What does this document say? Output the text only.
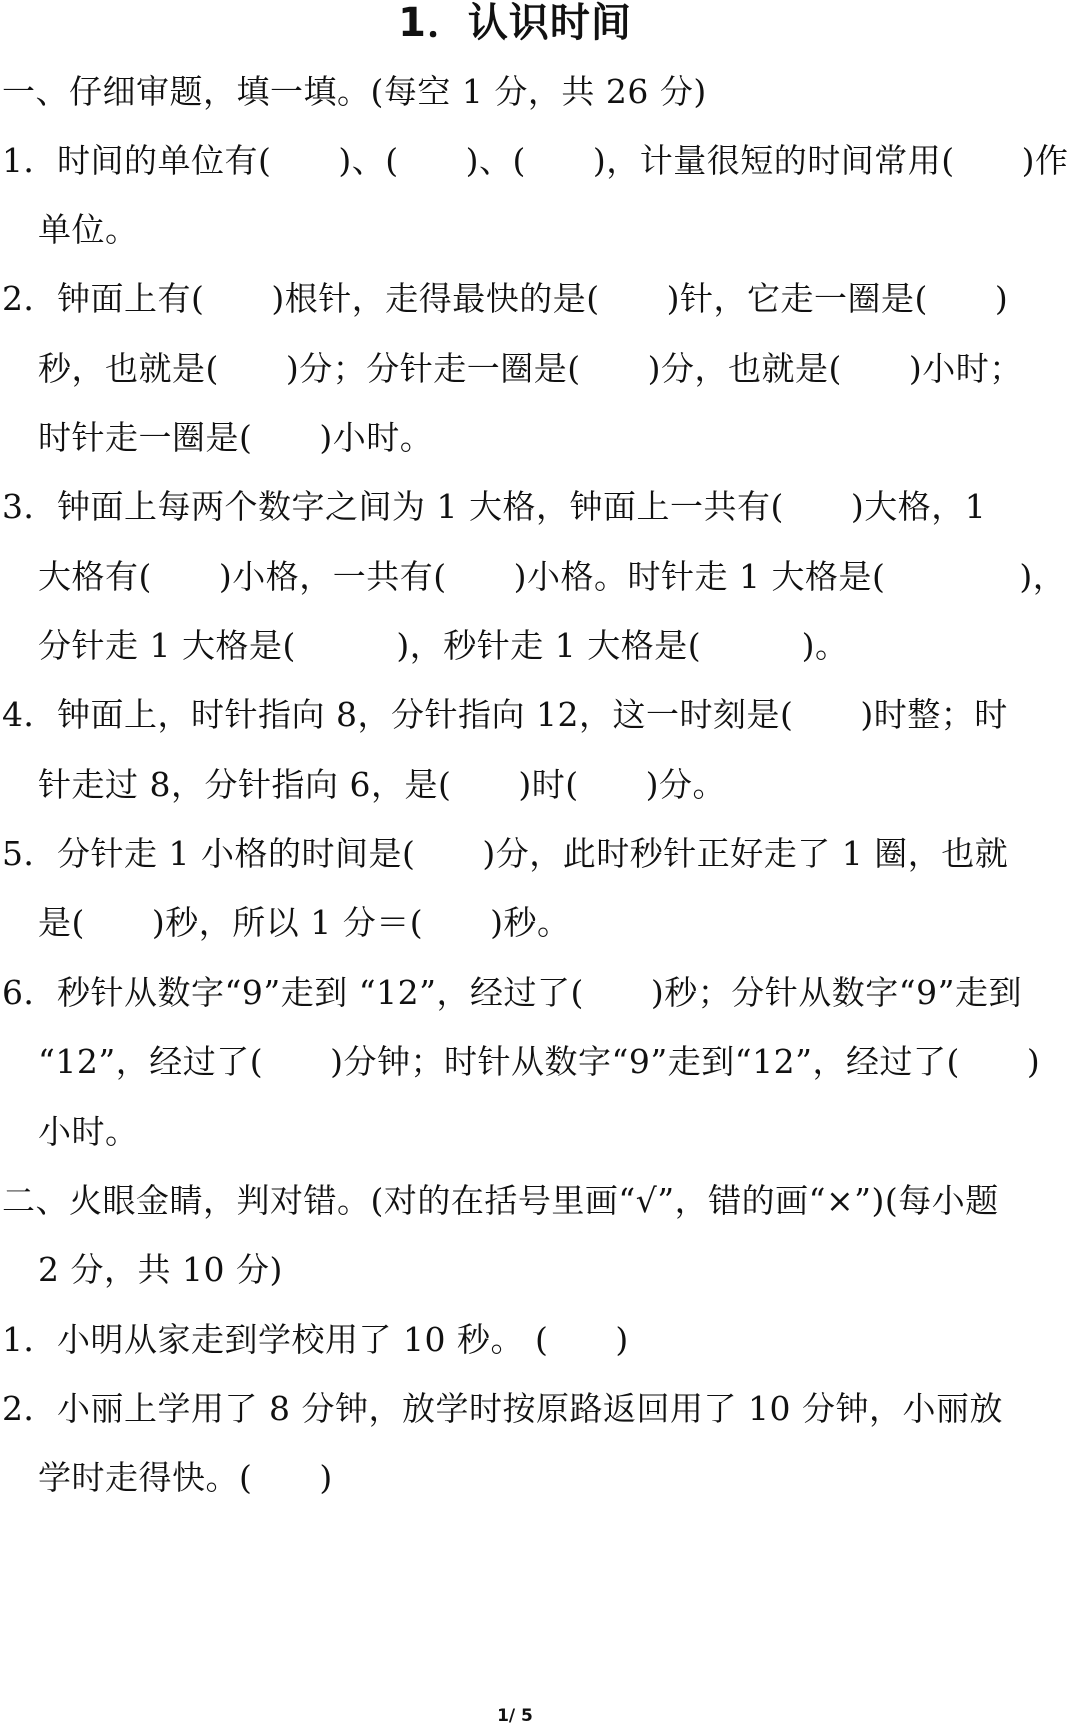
1．认识时间
一、仔细审题，填一填。(每空 1 分，共 26 分)
1．时间的单位有(　　)、(　　)、(　　)，计量很短的时间常用(　　)作
单位。
2．钟面上有(　　)根针，走得最快的是(　　)针，它走一圈是(　　)
秒，也就是(　　)分；分针走一圈是(　　)分，也就是(　　)小时；
时针走一圈是(　　)小时。
3．钟面上每两个数字之间为 1 大格，钟面上一共有(　　)大格，1
大格有(　　)小格，一共有(　　)小格。时针走 1 大格是(　　　　)，
分针走 1 大格是(　　　)，秒针走 1 大格是(　　　)。
4．钟面上，时针指向 8，分针指向 12，这一时刻是(　　)时整；时
针走过 8，分针指向 6，是(　　)时(　　)分。
5．分针走 1 小格的时间是(　　)分，此时秒针正好走了 1 圈，也就
是(　　)秒，所以 1 分＝(　　)秒。
6．秒针从数字“9”走到 “12”，经过了(　　)秒；分针从数字“9”走到
“12”，经过了(　　)分钟；时针从数字“9”走到“12”，经过了(　　)
小时。
二、火眼金睛，判对错。(对的在括号里画“√”，错的画“×”)(每小题
2 分，共 10 分)
1．小明从家走到学校用了 10 秒。 (　　)
2．小丽上学用了 8 分钟，放学时按原路返回用了 10 分钟，小丽放
学时走得快。(　　)
1/ 5
